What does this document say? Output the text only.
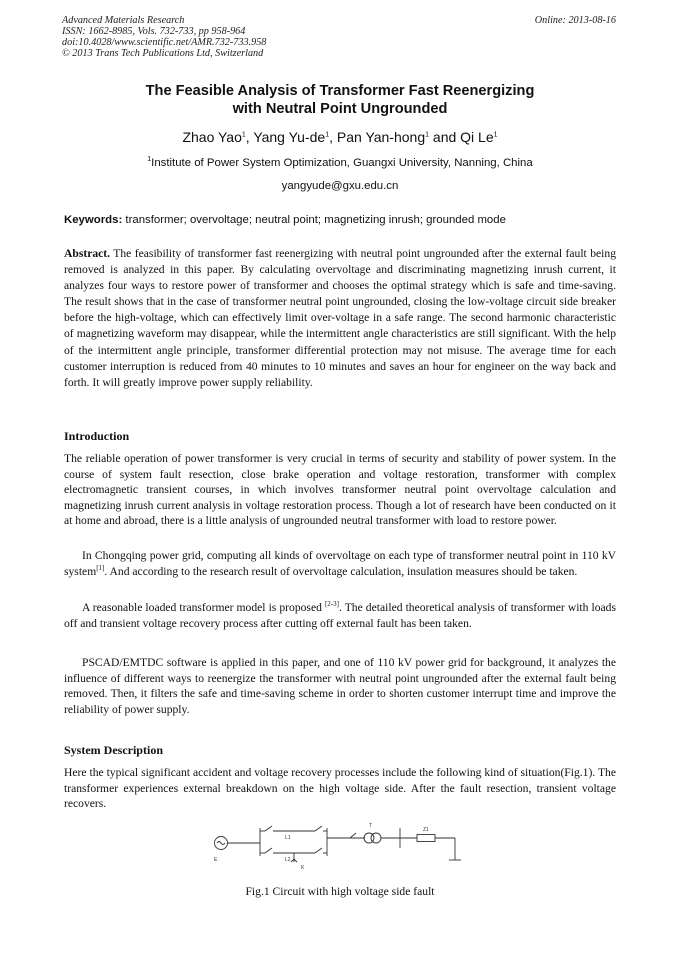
Advanced Materials Research
ISSN: 1662-8985, Vols. 732-733, pp 958-964
doi:10.4028/www.scientific.net/AMR.732-733.958
© 2013 Trans Tech Publications Ltd, Switzerland
Online: 2013-08-16
The Feasible Analysis of Transformer Fast Reenergizing
with Neutral Point Ungrounded
Zhao Yao$^1$, Yang $Yu-de^1$, Pan Yan-hong$^1$ and Qi Le$^1$
$^1$Institute of Power System Optimization, Guangxi University, Nanning, China
yangyude@gxu.edu.cn
Keywords: transformer; overvoltage; neutral point; magnetizing inrush; grounded mode

Abstract. The feasibility of transformer fast reenergizing with neutral point ungrounded after the external fault being removed is analyzed in this paper. By calculating overvoltage and discriminating magnetizing inrush current, it analyzes four ways to restore power of transformer and chooses the optimal strategy which is safe and time-saving. The result shows that in the case of transformer neutral point ungrounded, closing the low-voltage circuit side breaker before the high-voltage, which can effectively limit over-voltage in a safe range. The second harmonic characteristic of magnetizing waveform may disappear, while the intermittent angle characteristics are still significant. With the help of the intermittent angle principle, transformer differential protection may not misuse. The average time for each customer interruption is reduced from 40 minutes to 10 minutes and saves an hour for engineer on the way back and forth. It will greatly improve power supply reliability.

Introduction

The reliable operation of power transformer is very crucial in terms of security and stability of power system. In the course of system fault resection, close brake operation and voltage restoration, transformer with complex electromagnetic transient courses, in which involves transformer neutral point overvoltage calculation and magnetizing inrush current analysis in voltage restoration process. Though a lot of research have been conducted on it at home and abroad, there is a little analysis of ungrounded neutral transformer with load to restore power.

In Chongqing power grid, computing all kinds of overvoltage on each type of transformer neutral point in 110 kV system[1]. And according to the research result of overvoltage calculation, insulation measures should be taken.

A reasonable loaded transformer model is proposed [2-3]. The detailed theoretical analysis of transformer with loads off and transient voltage recovery process after cutting off external fault has been taken.

PSCAD/EMTDC software is applied in this paper, and one of 110 kV power grid for background, it analyzes the influence of different ways to reenergize the transformer with neutral point ungrounded after the external fault being removed. Then, it filters the safe and time-saving scheme in order to shorten customer interrupt time and improve the reliability of power supply.

System Description

Here the typical significant accident and voltage recovery processes include the following kind of situation(Fig.1). The transformer experiences external breakdown on the high voltage side. After the fault resection, transient voltage recovers.

E
L1
L2
K
T
Z1
Fig.1 Circuit with high voltage side fault
